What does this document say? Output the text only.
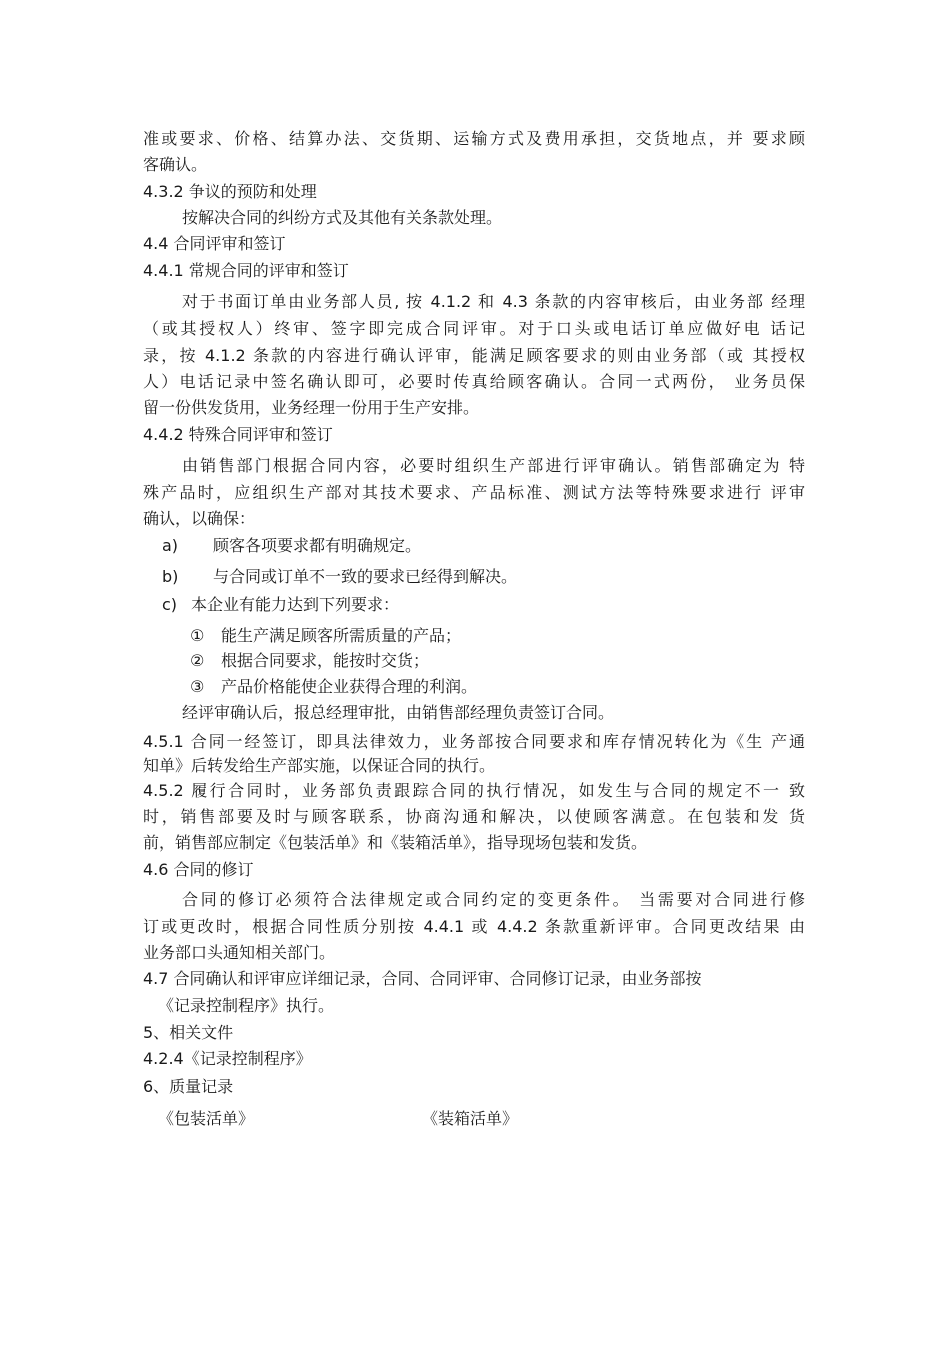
准或要求、价格、结算办法、交货期、运输方式及费用承担，交货地点，并 要求顾
客确认。
4.3.2 争议的预防和处理
按解决合同的纠纷方式及其他有关条款处理。
4.4 合同评审和签订
4.4.1 常规合同的评审和签订
对于书面订单由业务部人员, 按 4.1.2 和 4.3 条款的内容审核后，由业务部 经理
（或其授权人）终审、签字即完成合同评审。对于口头或电话订单应做好电 话记
录，按 4.1.2 条款的内容进行确认评审，能满足顾客要求的则由业务部（或 其授权
人）电话记录中签名确认即可，必要时传真给顾客确认。合同一式两份， 业务员保
留一份供发货用，业务经理一份用于生产安排。
4.4.2 特殊合同评审和签订
由销售部门根据合同内容，必要时组织生产部进行评审确认。销售部确定为 特
殊产品时，应组织生产部对其技术要求、产品标准、测试方法等特殊要求进行 评审
确认，以确保：
a) 顾客各项要求都有明确规定。
b) 与合同或订单不一致的要求已经得到解决。
c) 本企业有能力达到下列要求：
① 能生产满足顾客所需质量的产品；
② 根据合同要求，能按时交货；
③ 产品价格能使企业获得合理的利润。
经评审确认后，报总经理审批，由销售部经理负责签订合同。
4.5.1 合同一经签订，即具法律效力，业务部按合同要求和库存情况转化为《生 产通
知单》后转发给生产部实施，以保证合同的执行。
4.5.2 履行合同时，业务部负责跟踪合同的执行情况，如发生与合同的规定不一 致
时，销售部要及时与顾客联系，协商沟通和解决，以使顾客满意。在包装和发 货
前，销售部应制定《包装活单》和《装箱活单》，指导现场包装和发货。
4.6 合同的修订
合同的修订必须符合法律规定或合同约定的变更条件。 当需要对合同进行修
订或更改时，根据合同性质分别按 4.4.1 或 4.4.2 条款重新评审。合同更改结果 由
业务部口头通知相关部门。
4.7 合同确认和评审应详细记录，合同、合同评审、合同修订记录，由业务部按
《记录控制程序》执行。
5、相关文件
4.2.4《记录控制程序》
6、质量记录
《包装活单》	《装箱活单》
